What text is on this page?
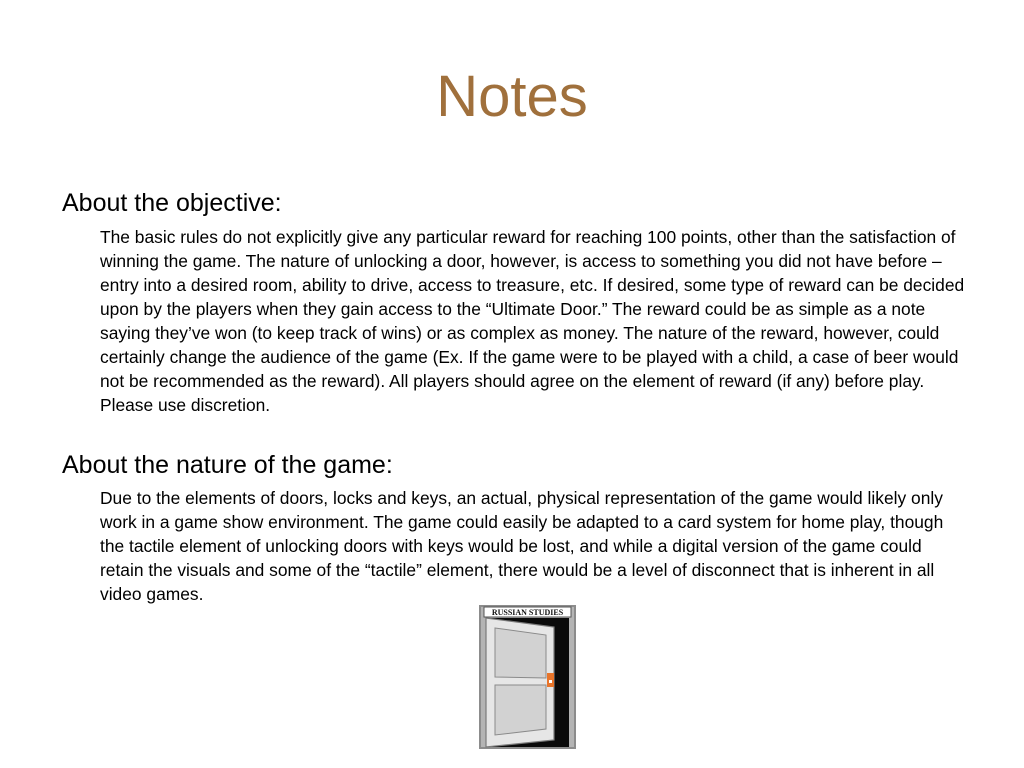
Notes
About the objective:

The basic rules do not explicitly give any particular reward for reaching 100 points, other than the satisfaction of winning the game. The nature of unlocking a door, however, is access to something you did not have before – entry into a desired room, ability to drive, access to treasure, etc. If desired, some type of reward can be decided upon by the players when they gain access to the “Ultimate Door.” The reward could be as simple as a note saying they’ve won (to keep track of wins) or as complex as money. The nature of the reward, however, could certainly change the audience of the game (Ex. If the game were to be played with a child, a case of beer would not be recommended as the reward). All players should agree on the element of reward (if any) before play. Please use discretion.

About the nature of the game:

Due to the elements of doors, locks and keys, an actual, physical representation of the game would likely only work in a game show environment. The game could easily be adapted to a card system for home play, though the tactile element of unlocking doors with keys would be lost, and while a digital version of the game could retain the visuals and some of the “tactile” element, there would be a level of disconnect that is inherent in all video games.

RUSSIAN STUDIES
